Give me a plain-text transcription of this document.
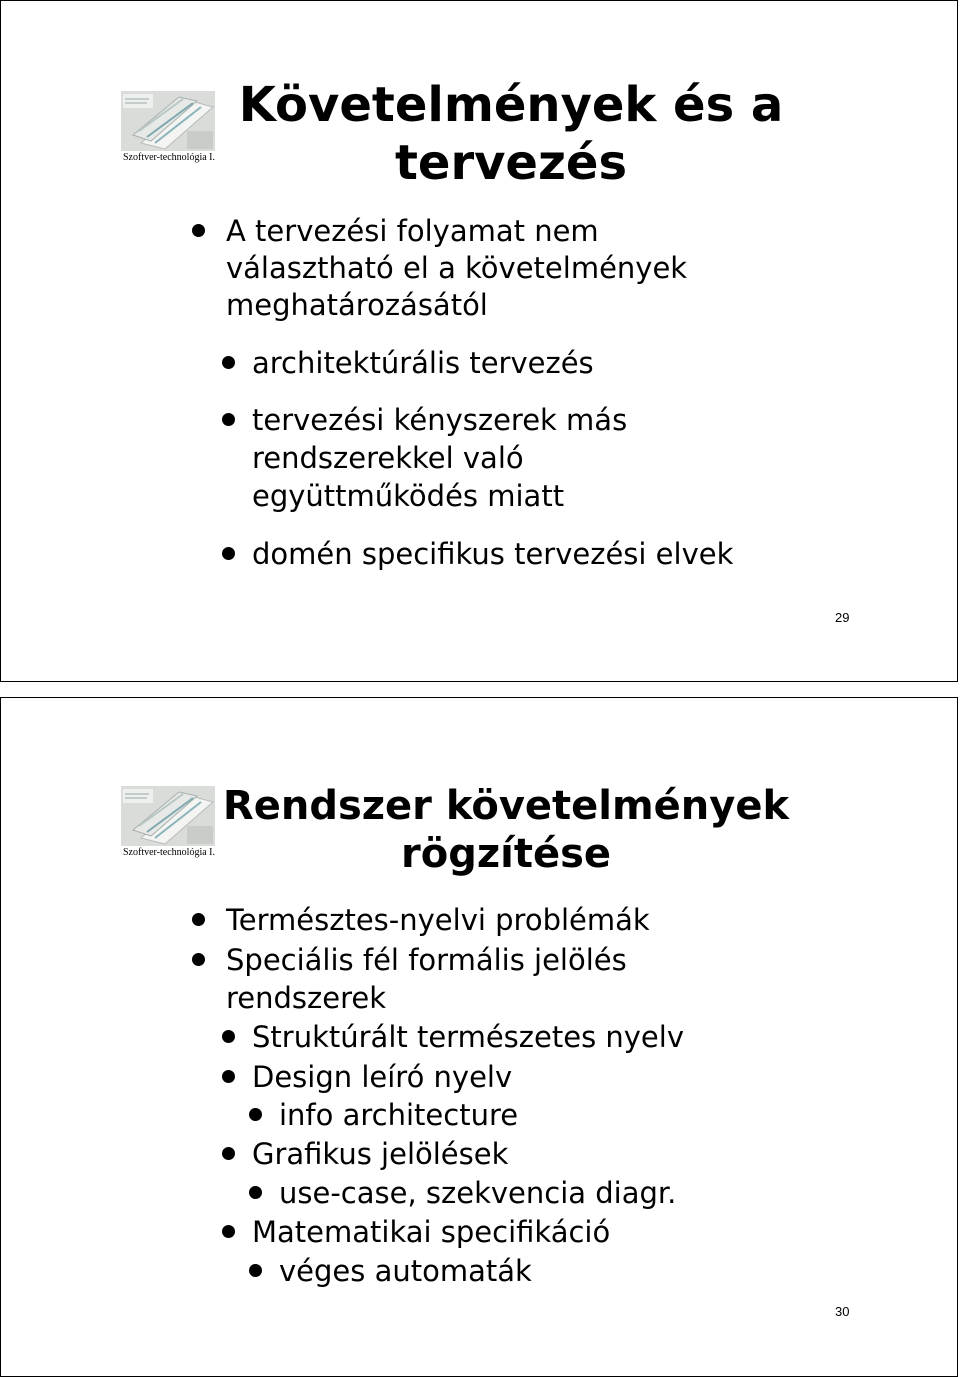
Szoftver-technológia I.
Követelmények és a
tervezés
A tervezési folyamat nem
választható el a követelmények
meghatározásától
architektúrális tervezés
tervezési kényszerek más
rendszerekkel való
együttműködés miatt
domén specifikus tervezési elvek
29
Szoftver-technológia I.
Rendszer követelmények
rögzítése
Természtes-nyelvi problémák
Speciális fél formális jelölés
rendszerek
Struktúrált természetes nyelv
Design leíró nyelv
info architecture
Grafikus jelölések
use-case, szekvencia diagr.
Matematikai specifikáció
véges automaták
30
